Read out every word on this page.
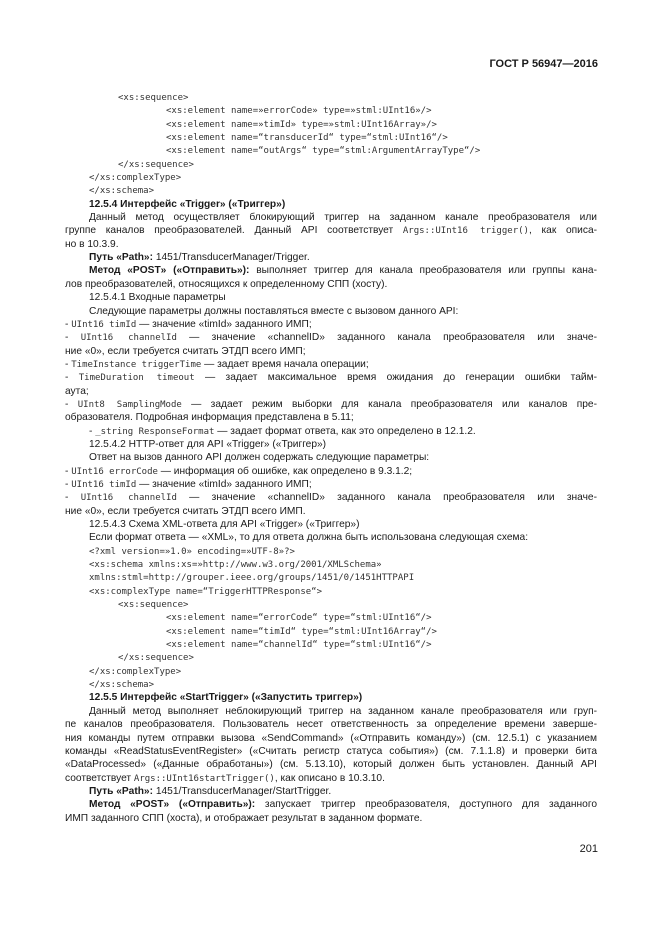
ГОСТ Р 56947—2016
<xs:sequence>
<xs:element name=»errorCode» type=»stml:UInt16»/>
<xs:element name=»timId» type=»stml:UInt16Array»/>
<xs:element name=“transducerId“ type=“stml:UInt16“/>
<xs:element name=“outArgs“ type=“stml:ArgumentArrayType“/>
</xs:sequence>
</xs:complexType>
</xs:schema>
12.5.4 Интерфейс «Trigger» («Триггер»)
Данный метод осуществляет блокирующий триггер на заданном канале преобразователя или
группе каналов преобразователей. Данный API соответствует Args::UInt16 trigger(), как описа-
но в 10.3.9.
Путь «Path»: 1451/TransducerManager/Trigger.
Метод «POST» («Отправить»): выполняет триггер для канала преобразователя или группы кана-
лов преобразователей, относящихся к определенному СПП (хосту).
12.5.4.1 Входные параметры
Следующие параметры должны поставляться вместе с вызовом данного API:
- UInt16 timId — значение «timId» заданного ИМП;
- UInt16 channelId — значение «channelID» заданного канала преобразователя или значе-
ние «0», если требуется считать ЭТДП всего ИМП;
- TimeInstance triggerTime — задает время начала операции;
- TimeDuration timeout — задает максимальное время ожидания до генерации ошибки тайм-
аута;
- UInt8 SamplingMode — задает режим выборки для канала преобразователя или каналов пре-
образователя. Подробная информация представлена в 5.11;
- _string ResponseFormat — задает формат ответа, как это определено в 12.1.2.
12.5.4.2 НТТР-ответ для API «Trigger» («Триггер»)
Ответ на вызов данного API должен содержать следующие параметры:
- UInt16 errorCode — информация об ошибке, как определено в 9.3.1.2;
- UInt16 timId — значение «timId» заданного ИМП;
- UInt16 channelId — значение «channelID» заданного канала преобразователя или значе-
ние «0», если требуется считать ЭТДП всего ИМП.
12.5.4.3 Схема XML-ответа для API «Trigger» («Триггер»)
Если формат ответа — «XML», то для ответа должна быть использована следующая схема:
<?xml version=»1.0» encoding=»UTF-8»?>
<xs:schema xmlns:xs=»http://www.w3.org/2001/XMLSchema»
xmlns:stml=http://grouper.ieee.org/groups/1451/0/1451HTTPAPI
<xs:complexType name=“TriggerHTTPResponse“>
<xs:sequence>
<xs:element name=“errorCode“ type=“stml:UInt16“/>
<xs:element name=“timId“ type=“stml:UInt16Array“/>
<xs:element name=“channelId“ type=“stml:UInt16“/>
</xs:sequence>
</xs:complexType>
</xs:schema>
12.5.5 Интерфейс «StartTrigger» («Запустить триггер»)
Данный метод выполняет неблокирующий триггер на заданном канале преобразователя или груп-
пе каналов преобразователя. Пользователь несет ответственность за определение времени заверше-
ния команды путем отправки вызова «SendCommand» («Отправить команду») (см. 12.5.1) с указанием
команды «ReadStatusEventRegister» («Считать регистр статуса события») (см. 7.1.1.8) и проверки бита
«DataProcessed» («Данные обработаны») (см. 5.13.10), который должен быть установлен. Данный API
соответствует Args::UInt16startTrigger(), как описано в 10.3.10.
Путь «Path»: 1451/TransducerManager/StartTrigger.
Метод «POST» («Отправить»): запускает триггер преобразователя, доступного для заданного
ИМП заданного СПП (хоста), и отображает результат в заданном формате.
201
